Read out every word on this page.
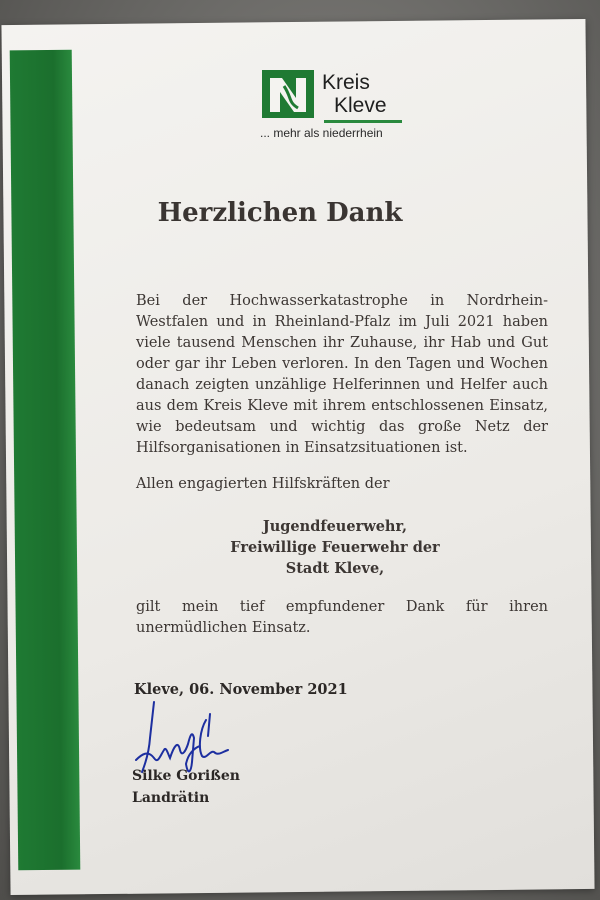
Kreis
Kleve
... mehr als niederrhein
Herzlichen Dank
Bei der Hochwasserkatastrophe in Nordrhein-Westfalen und in Rheinland-Pfalz im Juli 2021 haben viele tausend Menschen ihr Zuhause, ihr Hab und Gut oder gar ihr Leben verloren. In den Tagen und Wochen danach zeigten unzählige Helferinnen und Helfer auch aus dem Kreis Kleve mit ihrem entschlossenen Einsatz, wie bedeutsam und wichtig das große Netz der Hilfsorganisationen in Einsatzsituationen ist.
Allen engagierten Hilfskräften der
Jugendfeuerwehr,
Freiwillige Feuerwehr der
Stadt Kleve,
gilt mein tief empfundener Dank für ihren unermüdlichen Einsatz.
Kleve, 06. November 2021
Silke Gorißen
Landrätin
